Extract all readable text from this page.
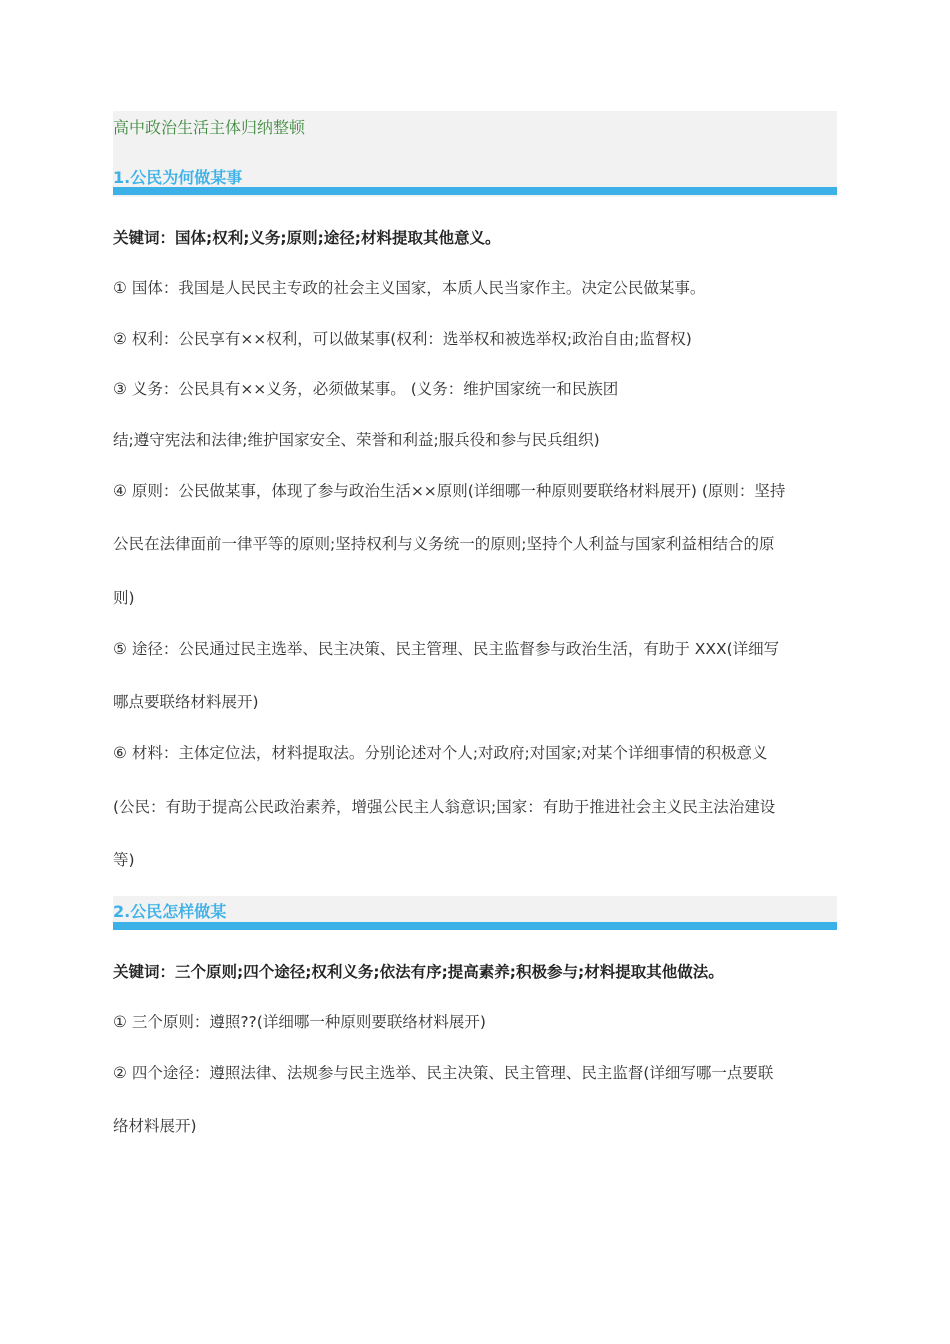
高中政治生活主体归纳整顿
1.公民为何做某事
关键词：国体;权利;义务;原则;途径;材料提取其他意义。
① 国体：我国是人民民主专政的社会主义国家，本质人民当家作主。决定公民做某事。
② 权利：公民享有××权利，可以做某事(权利：选举权和被选举权;政治自由;监督权)
③ 义务：公民具有××义务，必须做某事。 (义务：维护国家统一和民族团
结;遵守宪法和法律;维护国家安全、荣誉和利益;服兵役和参与民兵组织)
④ 原则：公民做某事，体现了参与政治生活××原则(详细哪一种原则要联络材料展开) (原则：坚持
公民在法律面前一律平等的原则;坚持权利与义务统一的原则;坚持个人利益与国家利益相结合的原
则)
⑤ 途径：公民通过民主选举、民主决策、民主管理、民主监督参与政治生活，有助于 XXX(详细写
哪点要联络材料展开)
⑥ 材料：主体定位法，材料提取法。分别论述对个人;对政府;对国家;对某个详细事情的积极意义
(公民：有助于提高公民政治素养，增强公民主人翁意识;国家：有助于推进社会主义民主法治建设
等)
2.公民怎样做某
关键词：三个原则;四个途径;权利义务;依法有序;提高素养;积极参与;材料提取其他做法。
① 三个原则：遵照??(详细哪一种原则要联络材料展开)
② 四个途径：遵照法律、法规参与民主选举、民主决策、民主管理、民主监督(详细写哪一点要联
络材料展开)
